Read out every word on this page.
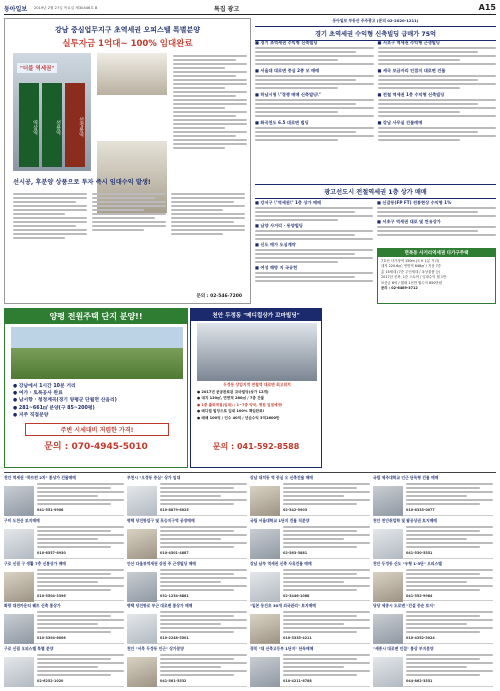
동아일보 2019년 2월 27일 목요일 제30446호 B	특집 광고	A15
강남 중심업무지구 초역세권 오피스텔 특별분양
실투자금 1억대~ 100% 임대완료
"더블 역세권"
역삼역	선릉역	선정릉역
선시공, 후분양 상품으로 투자 즉시 임대수익 발생!
문의 : 02-546-7200
동아일보 부동산 주주광고 (문의 02-2020-1211)
경기 초역세권 수익형 신축빌딩 급매가 75억
■ 경기 초역세권 수익형 신축빌딩
■ 서울대 대로변 중심 2종 모 매매
■ 하남시청 \"경쟁 매매 신축빌딩\"
■ 화곡천도 6.5 대로변 빌딩
■ 서초구 역세권 수익형 근생빌딩
■ 세곡 보금자리 인접지 대로변 건물
■ 전철 역세권 1층 수익형 신축빌딩
■ 강남 사무실 건물매매
광고선도시 전철역세권 1층 상가 매매
■ 강서구 \"역세권\" 1층 상가 매매
■ 남양 사거리 · 동양빌딩
■ 신도 메가 도심계약
■ 여성 해방 지 국공헌
■ 신갈동(FP FT) 전통현상 수익형 1%
■ 서초구 역세권 대로 및 컨유상가
면목동 사거리역세권 다가구주택
7호선 사가정역 150m (도보 1분 거리)
대지 220.6㎡, 연면적 648㎡ / 지상 7층
총 15세대 (7층 주인세대 / 옥상물품 등)
2017년 신축, 1층 스토어 / 임대수익 월 1만
보증금 6억 / 월세 1천만 월수익 850만원
문의 : 02-6489-3712
양평 전원주택 단지 분양!!
● 강남에서 1시간 10분 거리
● 여가 · 토목공사 완료
● 남서향 · 청정계곡(경기 양평군 단월면 산음리)
● 281~661㎡ 분양(구 85~200평)
● 지주 직접분양
주변 시세대비 저렴한 가격!
문의 : 070-4945-5010
천안 두정동 "메디컬상가 꼬마빌딩"
두정동 상업지역 전철역 대로변 최고위치
● 2017년 준공완료된 꼬마빌딩(상가 12개)
● 대지 120㎡, 연면적 280㎡ / 7층 건물
● 1층 출퇴역점(임대) / 1~7층 약국, 병원 입점예정!
● 메디컬 빌딩으로 입대 100% 책임완료!
● 매매 100억 / 인수 40억 / 년순수익 3억1600만
문의 : 041-592-8588
천안 역세권 "하트펀 2차" 통상가 건물매매
041-551-9906
부천시 "오정동 중심" 상가 임대
010-8879-6025
강남 대치동 역 중심 오 신축건물 매매
02-542-9903
국립 제주대학교 인근 단독형 건물 매매
010-6333-0077
구미 도천산 토지매매
010-6557-6930
평택 당진항입구 및 포승지구역 공장매매
010-4501-4887
국립 서울대학교 1단지 건물 직분양
02-563-3881
천안 천안취업학 및 팔공상권 토지매매
041-530-5551
구로 신림 구 생활 7층 신통상가 매매
010-5504-3396
안산 다올뷰역세권 상권 주 근생빌딩 매매
031-1234-8861
강남 남부 역세권 신축 사옥건물 매매
02-3446-1088
천안 두정동 신도 "우형 1-3단" 오피스텔
041-552-9984
화랑 대전카운티 웨트 신축 통상가
010-3394-6006
평택 당진항로 부근 대로변 통상가 매매
010-2248-5501
"일본 동진초 30개 외국관리" 토지매매
010-3335-4211
당당 세종시 도로변 "건설 중순 토지"
010-4352-5024
구로 신림 오피스텔 특별 분양
02-6252-1020
천안 "서북 두정동 인근" 상가분양
041-561-5532
경북 "대 신축고등부 1단지" 단독매매
010-4211-6788
"세종시 대로변 인접" 통상 부지분양
044-862-3551
